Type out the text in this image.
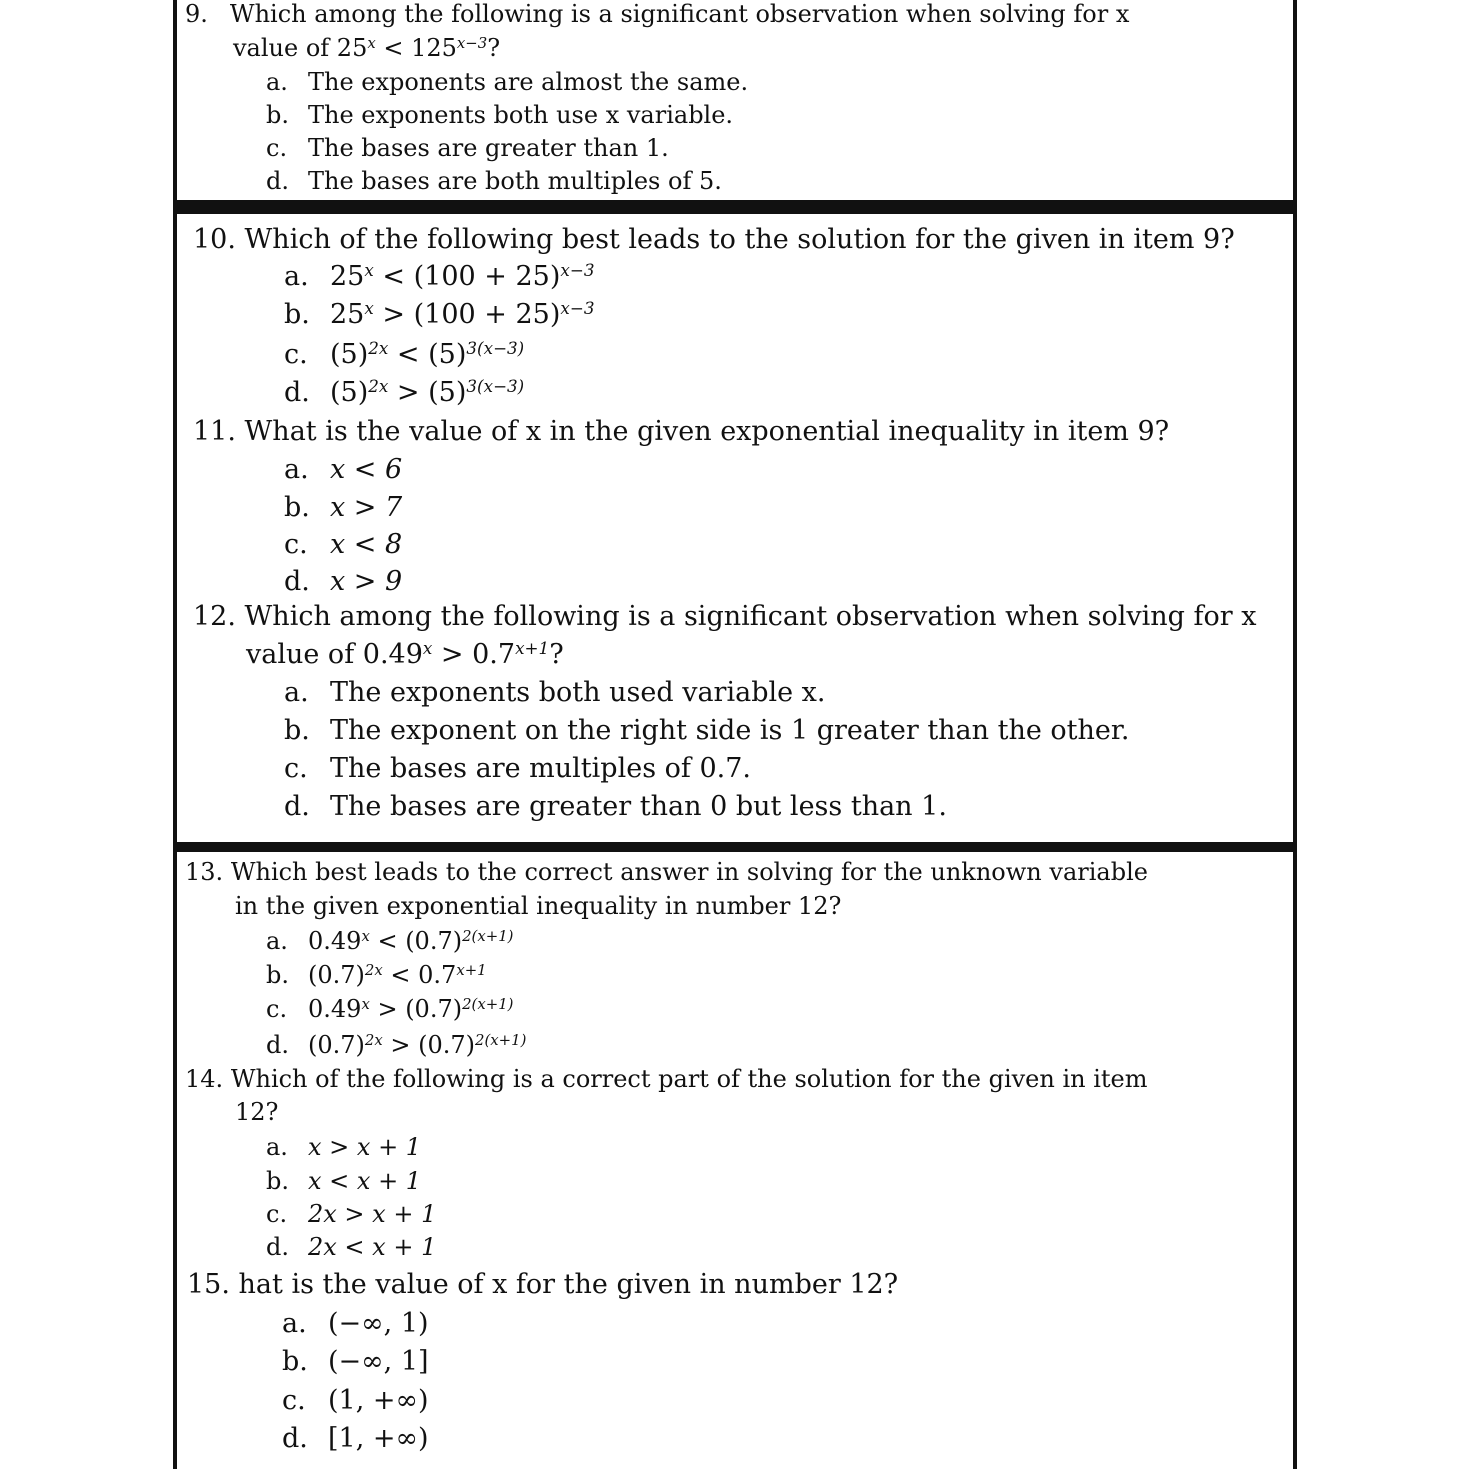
9. Which among the following is a significant observation when solving for x
value of $25^x < 125^{x-3}$?
a. The exponents are almost the same.
b. The exponents both use x variable.
c. The bases are greater than 1.
d. The bases are both multiples of 5.
10. Which of the following best leads to the solution for the given in item 9?
a. $25^x < (100 + 25)^{x-3}$
b. $25^x > (100 + 25)^{x-3}$
c. $(5)^{2x} < (5)^{3(x-3)}$
d. $(5)^{2x} > (5)^{3(x-3)}$
11. What is the value of x in the given exponential inequality in item 9?
a. x < 6
b. x > 7
c. x < 8
d. x > 9
12. Which among the following is a significant observation when solving for x
value of $0.49^x > 0.7^{x+1}$?
a. The exponents both used variable x.
b. The exponent on the right side is 1 greater than the other.
c. The bases are multiples of 0.7.
d. The bases are greater than 0 but less than 1.
13. Which best leads to the correct answer in solving for the unknown variable
in the given exponential inequality in number 12?
a. $0.49^x < (0.7)^{2(x+1)}$
b. $(0.7)^{2x} < 0.7^{x+1}$
c. $0.49^x > (0.7)^{2(x+1)}$
d. $(0.7)^{2x} > (0.7)^{2(x+1)}$
14. Which of the following is a correct part of the solution for the given in item
12?
a. x > x + 1
b. x < x + 1
c. 2x > x + 1
d. 2x < x + 1
15. hat is the value of x for the given in number 12?
a. (−∞, 1)
b. (−∞, 1]
c. (1, +∞)
d. [1, +∞)
